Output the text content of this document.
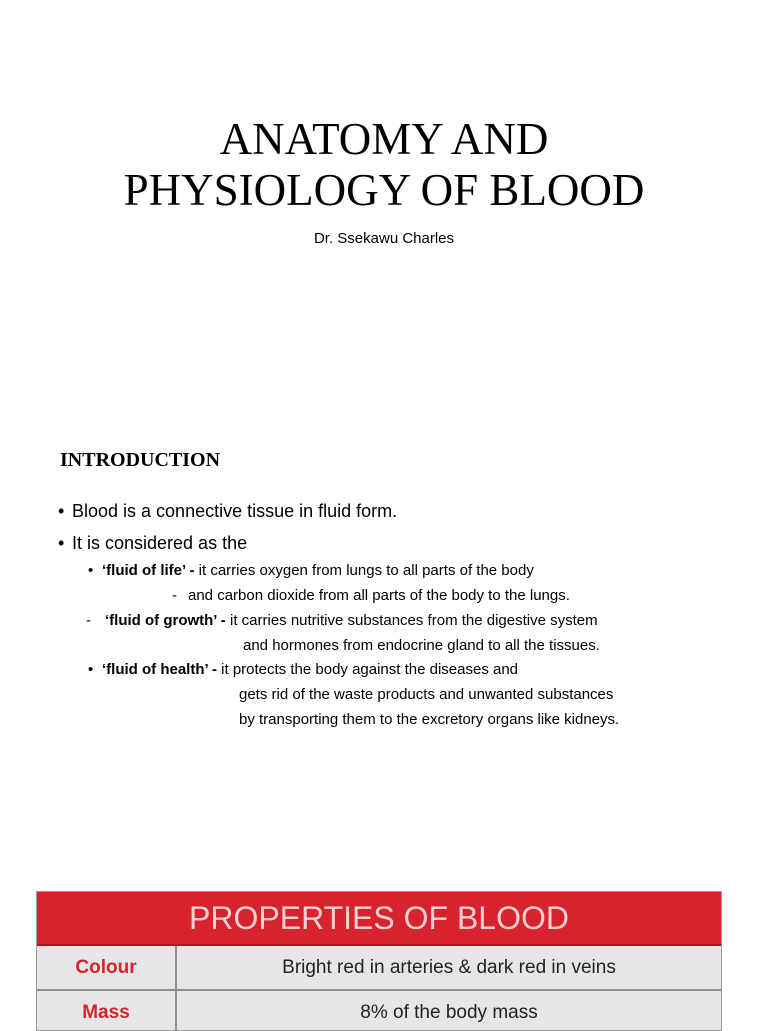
ANATOMY AND
PHYSIOLOGY OF BLOOD
Dr. Ssekawu Charles
INTRODUCTION
• Blood is a connective tissue in fluid form.
• It is considered as the
• ‘fluid of life’ - it carries oxygen from lungs to all parts of the body
- and carbon dioxide from all parts of the body to the lungs.
- ‘fluid of growth’ - it carries nutritive substances from the digestive system
and hormones from endocrine gland to all the tissues.
• ‘fluid of health’ - it protects the body against the diseases and
gets rid of the waste products and unwanted substances
by transporting them to the excretory organs like kidneys.
PROPERTIES OF BLOOD
Colour	Bright red in arteries & dark red in veins
Mass	8% of the body mass
